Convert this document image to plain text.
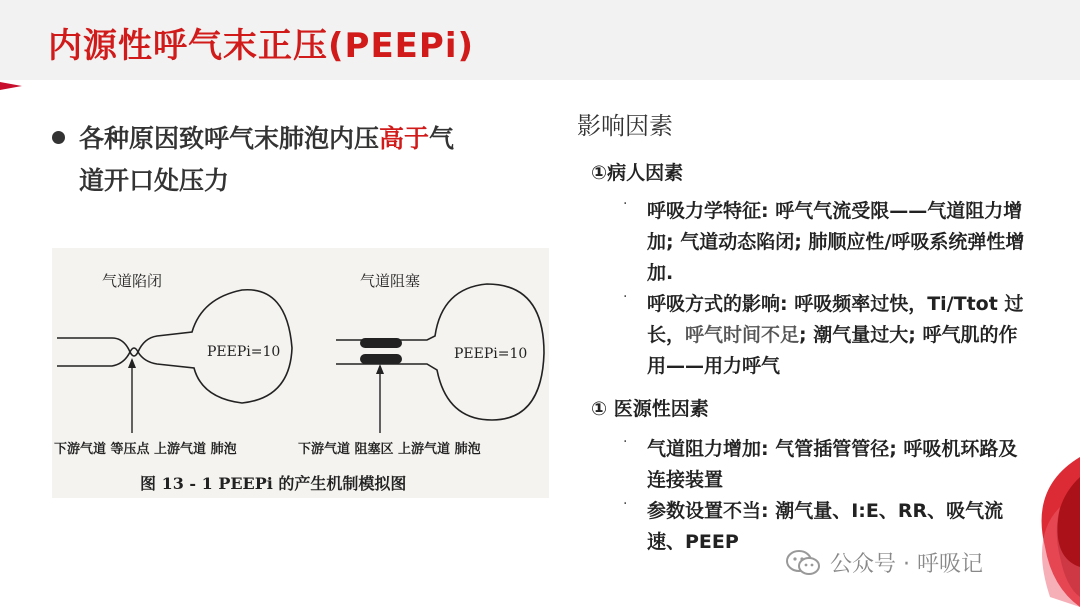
内源性呼气末正压(PEEPi)
各种原因致呼气末肺泡内压高于气
道开口处压力
气道陷闭
PEEPi=10
下游气道 等压点 上游气道 肺泡
气道阻塞
PEEPi=10
下游气道 阻塞区 上游气道 肺泡
图 13 - 1 PEEPi 的产生机制模拟图
影响因素
①病人因素
· 呼吸力学特征: 呼气气流受限——气道阻力增加; 气道动态陷闭; 肺顺应性/呼吸系统弹性增加.
· 呼吸方式的影响: 呼吸频率过快，Ti/Ttot 过长，呼气时间不足; 潮气量过大; 呼气肌的作用——用力呼气
① 医源性因素
· 气道阻力增加: 气管插管管径; 呼吸机环路及连接装置
· 参数设置不当: 潮气量、I:E、RR、吸气流速、PEEP
公众号 · 呼吸记
